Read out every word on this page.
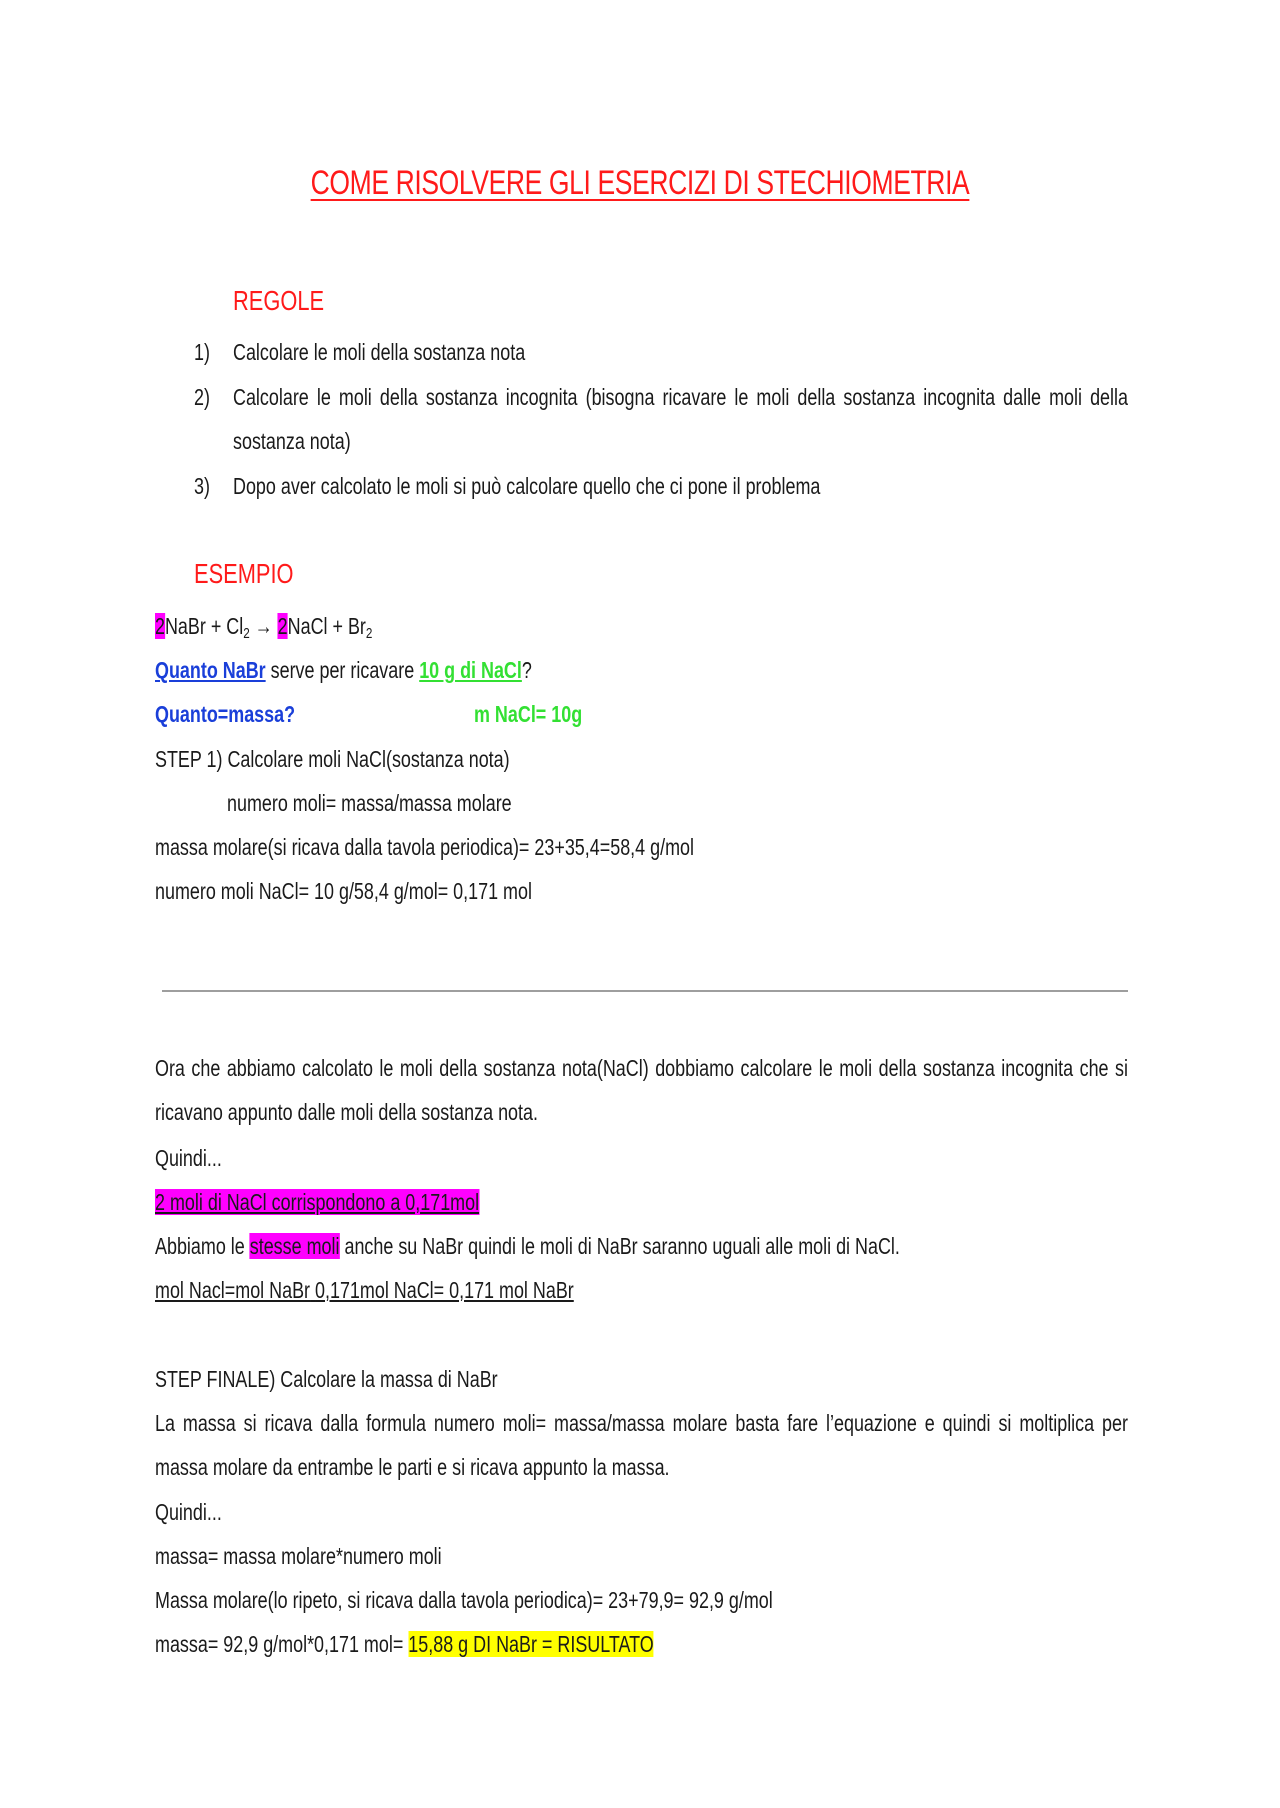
COME RISOLVERE GLI ESERCIZI DI STECHIOMETRIA
REGOLE
1) Calcolare le moli della sostanza nota
2) Calcolare le moli della sostanza incognita (bisogna ricavare le moli della sostanza incognita dalle moli della sostanza nota)
3) Dopo aver calcolato le moli si può calcolare quello che ci pone il problema
ESEMPIO
2NaBr + $Cl_2$ → 2NaCl + $Br_2$
Quanto NaBr serve per ricavare 10 g di NaCl?
Quanto=massa?	m NaCl= 10g
STEP 1) Calcolare moli NaCl(sostanza nota)
numero moli= massa/massa molare
massa molare(si ricava dalla tavola periodica)= 23+35,4=58,4 g/mol
numero moli NaCl= 10 g/58,4 g/mol= 0,171 mol
Ora che abbiamo calcolato le moli della sostanza nota(NaCl) dobbiamo calcolare le moli della sostanza incognita che si ricavano appunto dalle moli della sostanza nota.
Quindi...
2 moli di NaCl corrispondono a 0,171mol
Abbiamo le stesse moli anche su NaBr quindi le moli di NaBr saranno uguali alle moli di NaCl.
mol Nacl=mol NaBr 0,171mol NaCl= 0,171 mol NaBr
STEP FINALE) Calcolare la massa di NaBr
La massa si ricava dalla formula numero moli= massa/massa molare basta fare l’equazione e quindi si moltiplica per massa molare da entrambe le parti e si ricava appunto la massa.
Quindi...
massa= massa molare*numero moli
Massa molare(lo ripeto, si ricava dalla tavola periodica)= 23+79,9= 92,9 g/mol
massa= 92,9 g/mol*0,171 mol= 15,88 g DI NaBr = RISULTATO
